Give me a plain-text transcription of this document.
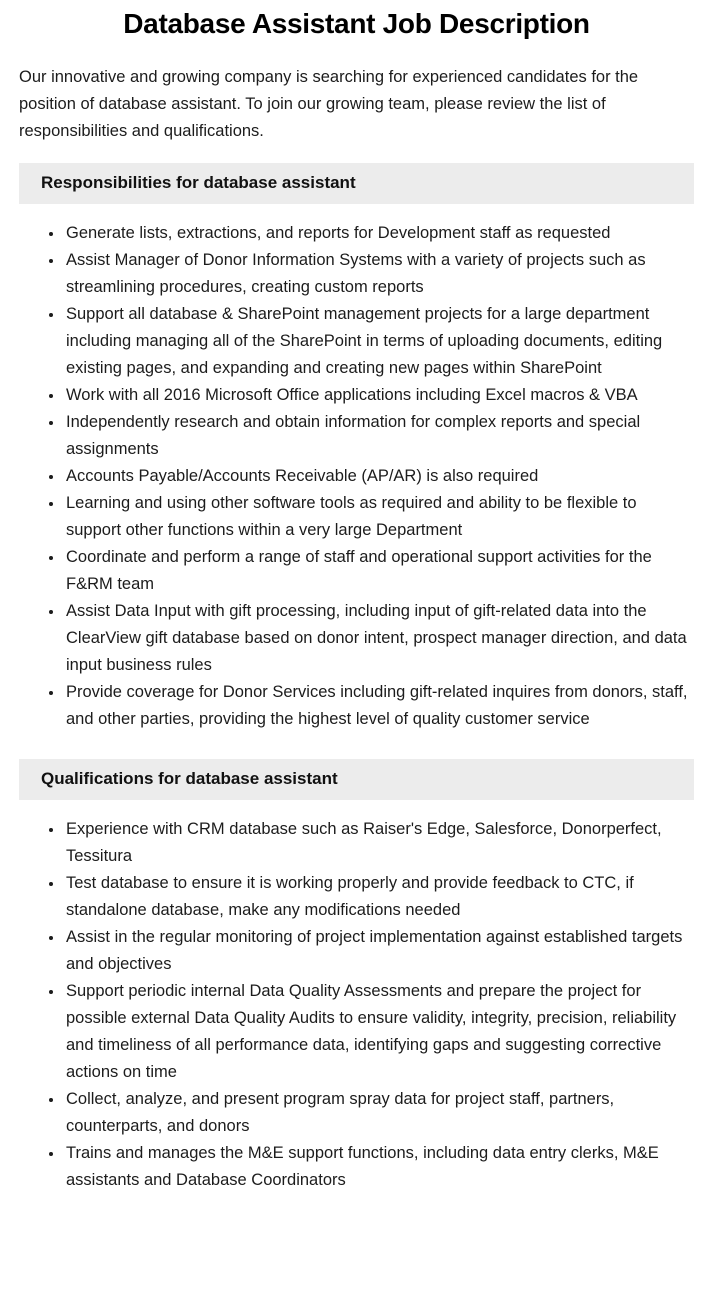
Database Assistant Job Description

Our innovative and growing company is searching for experienced candidates for the position of database assistant. To join our growing team, please review the list of responsibilities and qualifications.

Responsibilities for database assistant
• Generate lists, extractions, and reports for Development staff as requested
• Assist Manager of Donor Information Systems with a variety of projects such as streamlining procedures, creating custom reports
• Support all database & SharePoint management projects for a large department including managing all of the SharePoint in terms of uploading documents, editing existing pages, and expanding and creating new pages within SharePoint
• Work with all 2016 Microsoft Office applications including Excel macros & VBA
• Independently research and obtain information for complex reports and special assignments
• Accounts Payable/Accounts Receivable (AP/AR) is also required
• Learning and using other software tools as required and ability to be flexible to support other functions within a very large Department
• Coordinate and perform a range of staff and operational support activities for the F&RM team
• Assist Data Input with gift processing, including input of gift-related data into the ClearView gift database based on donor intent, prospect manager direction, and data input business rules
• Provide coverage for Donor Services including gift-related inquires from donors, staff, and other parties, providing the highest level of quality customer service
Qualifications for database assistant
• Experience with CRM database such as Raiser's Edge, Salesforce, Donorperfect, Tessitura
• Test database to ensure it is working properly and provide feedback to CTC, if standalone database, make any modifications needed
• Assist in the regular monitoring of project implementation against established targets and objectives
• Support periodic internal Data Quality Assessments and prepare the project for possible external Data Quality Audits to ensure validity, integrity, precision, reliability and timeliness of all performance data, identifying gaps and suggesting corrective actions on time
• Collect, analyze, and present program spray data for project staff, partners, counterparts, and donors
• Trains and manages the M&E support functions, including data entry clerks, M&E assistants and Database Coordinators
